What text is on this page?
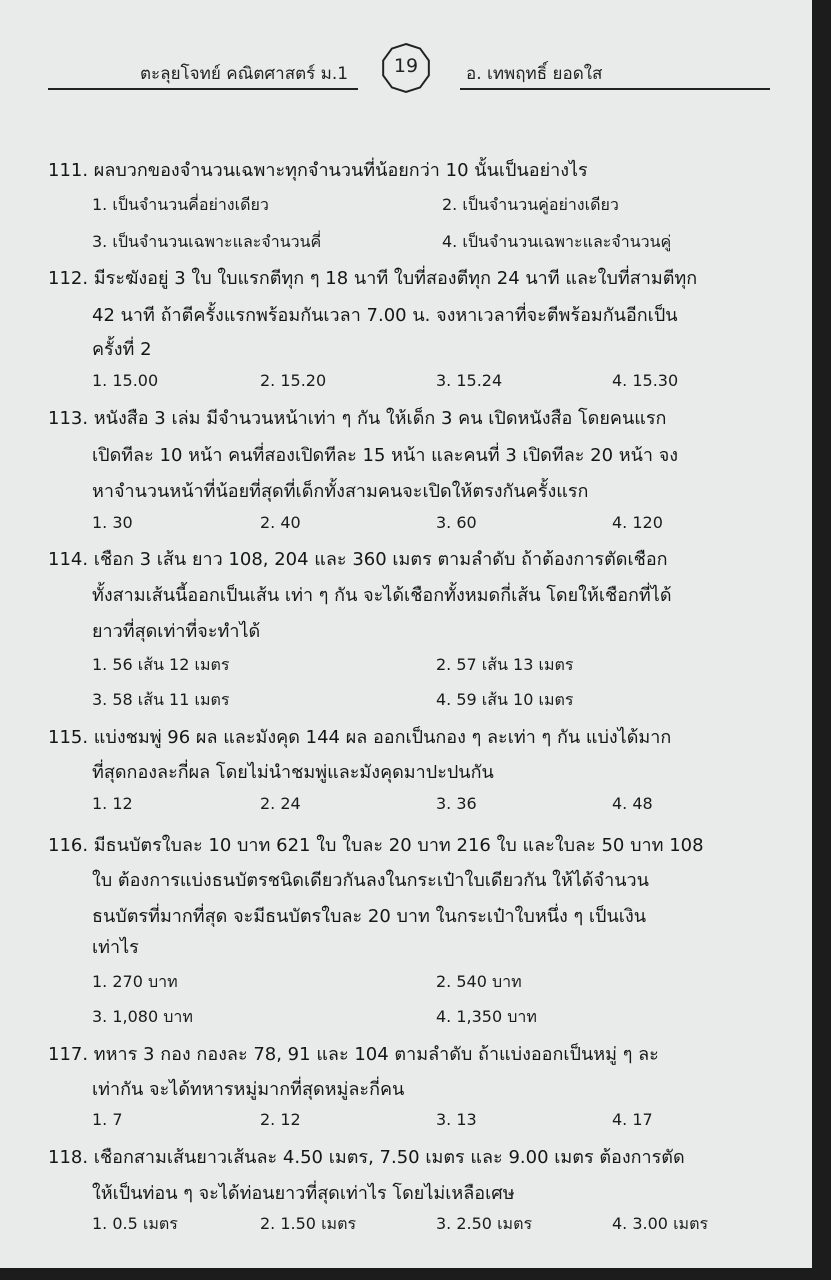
ตะลุยโจทย์ คณิตศาสตร์ ม.1	19	อ. เทพฤทธิ์ ยอดใส
111. ผลบวกของจำนวนเฉพาะทุกจำนวนที่น้อยกว่า 10 นั้นเป็นอย่างไร
1. เป็นจำนวนคี่อย่างเดียว	2. เป็นจำนวนคู่อย่างเดียว
3. เป็นจำนวนเฉพาะและจำนวนคี่	4. เป็นจำนวนเฉพาะและจำนวนคู่
112. มีระฆังอยู่ 3 ใบ ใบแรกตีทุก ๆ 18 นาที ใบที่สองตีทุก 24 นาที และใบที่สามตีทุก
42 นาที ถ้าตีครั้งแรกพร้อมกันเวลา 7.00 น. จงหาเวลาที่จะตีพร้อมกันอีกเป็น
ครั้งที่ 2
1. 15.00	2. 15.20	3. 15.24	4. 15.30
113. หนังสือ 3 เล่ม มีจำนวนหน้าเท่า ๆ กัน ให้เด็ก 3 คน เปิดหนังสือ โดยคนแรก
เปิดทีละ 10 หน้า คนที่สองเปิดทีละ 15 หน้า และคนที่ 3 เปิดทีละ 20 หน้า จง
หาจำนวนหน้าที่น้อยที่สุดที่เด็กทั้งสามคนจะเปิดให้ตรงกันครั้งแรก
1. 30	2. 40	3. 60	4. 120
114. เชือก 3 เส้น ยาว 108, 204 และ 360 เมตร ตามลำดับ ถ้าต้องการตัดเชือก
ทั้งสามเส้นนี้ออกเป็นเส้น เท่า ๆ กัน จะได้เชือกทั้งหมดกี่เส้น โดยให้เชือกที่ได้
ยาวที่สุดเท่าที่จะทำได้
1. 56 เส้น 12 เมตร	2. 57 เส้น 13 เมตร
3. 58 เส้น 11 เมตร	4. 59 เส้น 10 เมตร
115. แบ่งชมพู่ 96 ผล และมังคุด 144 ผล ออกเป็นกอง ๆ ละเท่า ๆ กัน แบ่งได้มาก
ที่สุดกองละกี่ผล โดยไม่นำชมพู่และมังคุดมาปะปนกัน
1. 12	2. 24	3. 36	4. 48
116. มีธนบัตรใบละ 10 บาท 621 ใบ ใบละ 20 บาท 216 ใบ และใบละ 50 บาท 108
ใบ ต้องการแบ่งธนบัตรชนิดเดียวกันลงในกระเป๋าใบเดียวกัน ให้ได้จำนวน
ธนบัตรที่มากที่สุด จะมีธนบัตรใบละ 20 บาท ในกระเป๋าใบหนึ่ง ๆ เป็นเงิน
เท่าไร
1. 270 บาท	2. 540 บาท
3. 1,080 บาท	4. 1,350 บาท
117. ทหาร 3 กอง กองละ 78, 91 และ 104 ตามลำดับ ถ้าแบ่งออกเป็นหมู่ ๆ ละ
เท่ากัน จะได้ทหารหมู่มากที่สุดหมู่ละกี่คน
1. 7	2. 12	3. 13	4. 17
118. เชือกสามเส้นยาวเส้นละ 4.50 เมตร, 7.50 เมตร และ 9.00 เมตร ต้องการตัด
ให้เป็นท่อน ๆ จะได้ท่อนยาวที่สุดเท่าไร โดยไม่เหลือเศษ
1. 0.5 เมตร	2. 1.50 เมตร	3. 2.50 เมตร	4. 3.00 เมตร
